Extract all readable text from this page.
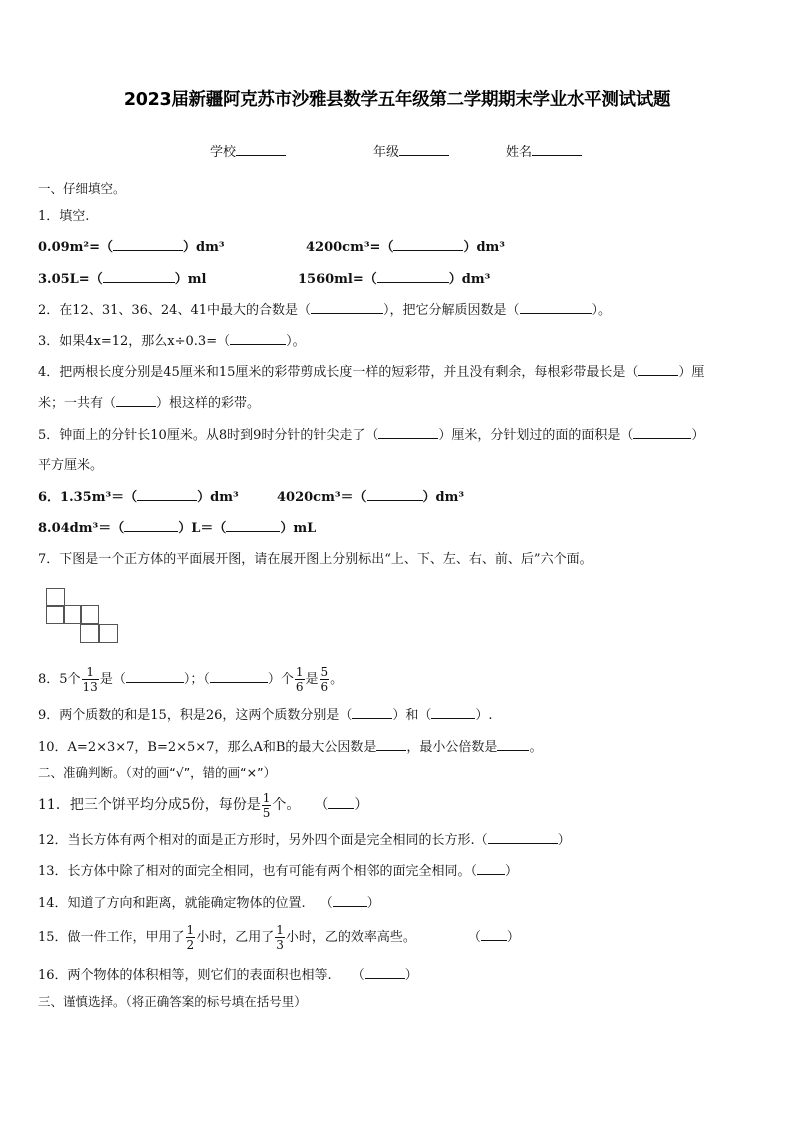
2023届新疆阿克苏市沙雅县数学五年级第二学期期末学业水平测试试题
学校	年级	姓名
一、仔细填空。
1．填空.
0.09m²=（	）dm³	4200cm³=（	）dm³
3.05L=（	）ml	1560ml=（	）dm³
2．在12、31、36、24、41中最大的合数是（	），把它分解质因数是（	）。
3．如果4x=12，那么x÷0.3=（	）。
4．把两根长度分别是45厘米和15厘米的彩带剪成长度一样的短彩带，并且没有剩余，每根彩带最长是（	）厘
米；一共有（	）根这样的彩带。
5．钟面上的分针长10厘米。从8时到9时分针的针尖走了（	）厘米，分针划过的面的面积是（	）
平方厘米。
6．1.35m³＝（	）dm³	4020cm³＝（	）dm³
8.04dm³＝（	）L＝（	）mL
7．下图是一个正方体的平面展开图，请在展开图上分别标出“上、下、左、右、前、后”六个面。
8．5个 $\frac{1}{13}$ 是（	）；（	）个 $\frac{1}{6}$ 是 $\frac{5}{6}$ 。
9．两个质数的和是15，积是26，这两个质数分别是（	）和（	）.
10．A=2×3×7，B=2×5×7，那么A和B的最大公因数是 ，最小公倍数是 。
二、准确判断。（对的画“√”，错的画“×”）
11．把三个饼平均分成5份，每份是 $\frac{1}{5}$ 个。 （ ）
12．当长方体有两个相对的面是正方形时，另外四个面是完全相同的长方形.（	）
13．长方体中除了相对的面完全相同，也有可能有两个相邻的面完全相同。（ ）
14．知道了方向和距离，就能确定物体的位置. （	）
15．做一件工作，甲用了 $\frac{1}{2}$ 小时，乙用了 $\frac{1}{3}$ 小时，乙的效率高些。	（ ）
16．两个物体的体积相等，则它们的表面积也相等. （	）
三、谨慎选择。（将正确答案的标号填在括号里）
